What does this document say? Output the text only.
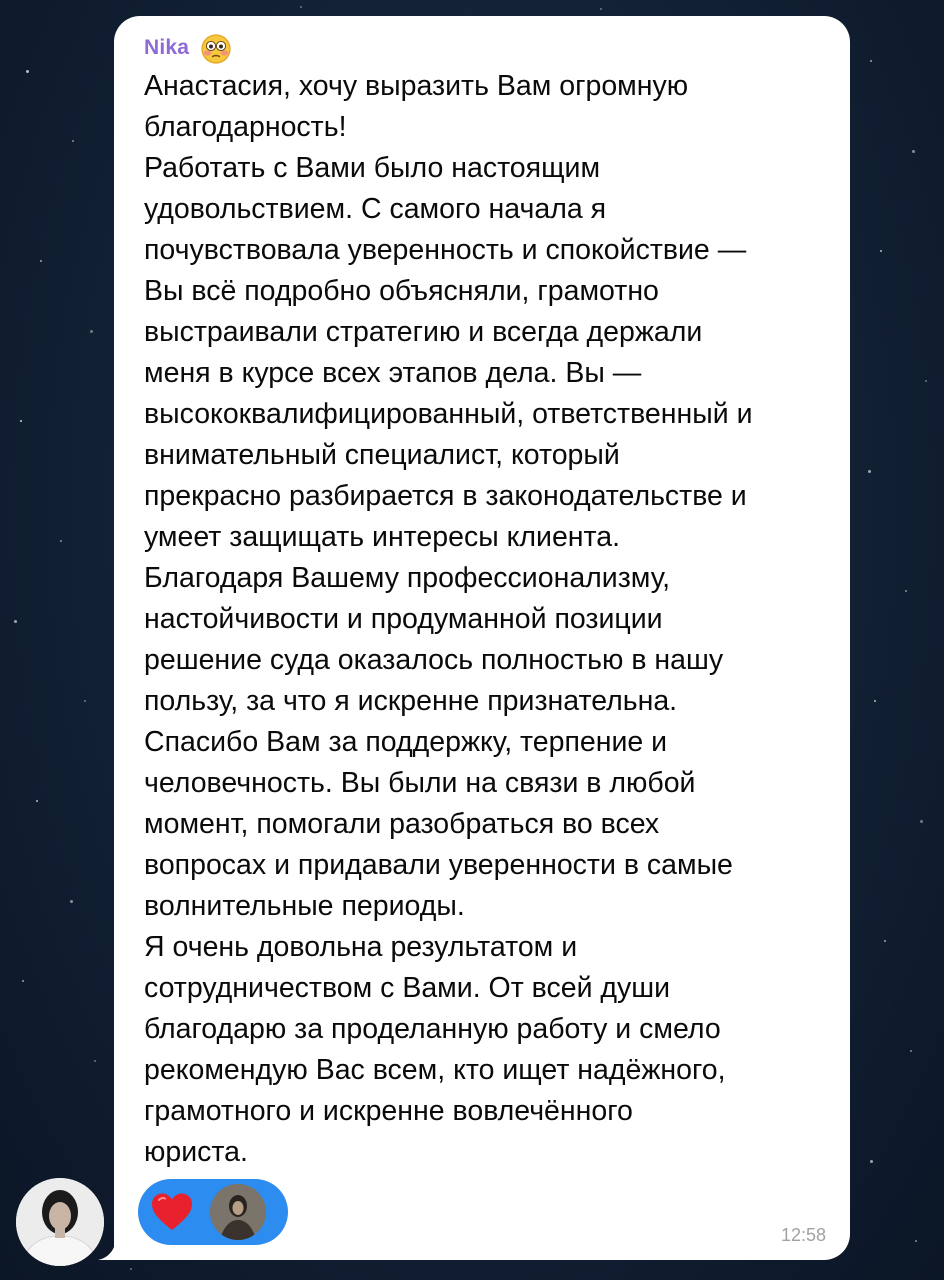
Nika

Анастасия, хочу выразить Вам огромную
благодарность!
Работать с Вами было настоящим
удовольствием. С самого начала я
почувствовала уверенность и спокойствие —
Вы всё подробно объясняли, грамотно
выстраивали стратегию и всегда держали
меня в курсе всех этапов дела. Вы —
высококвалифицированный, ответственный и
внимательный специалист, который
прекрасно разбирается в законодательстве и
умеет защищать интересы клиента.
Благодаря Вашему профессионализму,
настойчивости и продуманной позиции
решение суда оказалось полностью в нашу
пользу, за что я искренне признательна.
Спасибо Вам за поддержку, терпение и
человечность. Вы были на связи в любой
момент, помогали разобраться во всех
вопросах и придавали уверенности в самые
волнительные периоды.
Я очень довольна результатом и
сотрудничеством с Вами. От всей души
благодарю за проделанную работу и смело
рекомендую Вас всем, кто ищет надёжного,
грамотного и искренне вовлечённого
юриста.

12:58
